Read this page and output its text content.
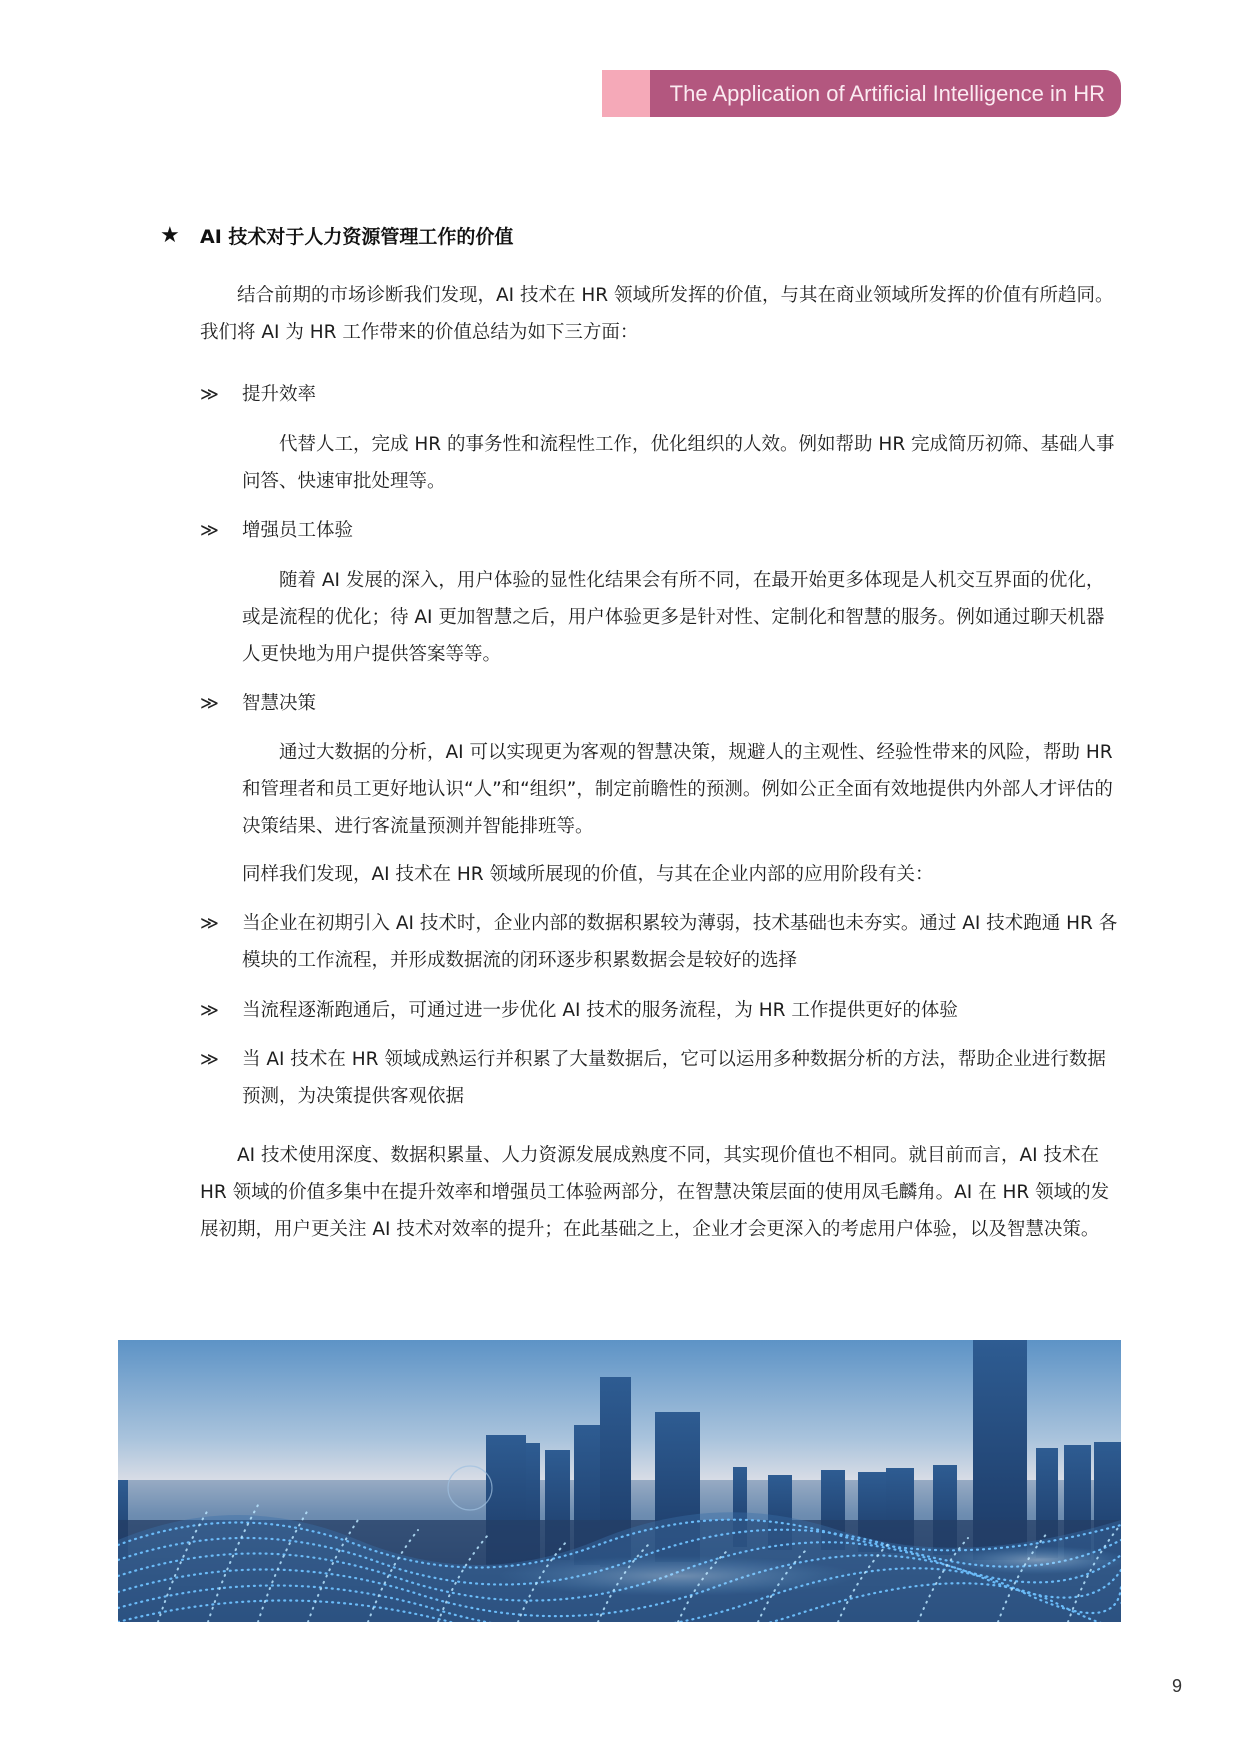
The Application of Artificial Intelligence in HR
★	AI 技术对于人力资源管理工作的价值

结合前期的市场诊断我们发现，AI 技术在 HR 领域所发挥的价值，与其在商业领域所发挥的价值有所趋同。我们将 AI 为 HR 工作带来的价值总结为如下三方面：

≫	提升效率

代替人工，完成 HR 的事务性和流程性工作，优化组织的人效。例如帮助 HR 完成简历初筛、基础人事问答、快速审批处理等。

≫	增强员工体验

随着 AI 发展的深入，用户体验的显性化结果会有所不同，在最开始更多体现是人机交互界面的优化，或是流程的优化；待 AI 更加智慧之后，用户体验更多是针对性、定制化和智慧的服务。例如通过聊天机器人更快地为用户提供答案等等。

≫	智慧决策

通过大数据的分析，AI 可以实现更为客观的智慧决策，规避人的主观性、经验性带来的风险，帮助 HR 和管理者和员工更好地认识“人”和“组织”，制定前瞻性的预测。例如公正全面有效地提供内外部人才评估的决策结果、进行客流量预测并智能排班等。

同样我们发现，AI 技术在 HR 领域所展现的价值，与其在企业内部的应用阶段有关：

≫	当企业在初期引入 AI 技术时，企业内部的数据积累较为薄弱，技术基础也未夯实。通过 AI 技术跑通 HR 各模块的工作流程，并形成数据流的闭环逐步积累数据会是较好的选择
≫	当流程逐渐跑通后，可通过进一步优化 AI 技术的服务流程，为 HR 工作提供更好的体验
≫	当 AI 技术在 HR 领域成熟运行并积累了大量数据后，它可以运用多种数据分析的方法，帮助企业进行数据预测，为决策提供客观依据

AI 技术使用深度、数据积累量、人力资源发展成熟度不同，其实现价值也不相同。就目前而言，AI 技术在 HR 领域的价值多集中在提升效率和增强员工体验两部分，在智慧决策层面的使用凤毛麟角。AI 在 HR 领域的发展初期，用户更关注 AI 技术对效率的提升；在此基础之上，企业才会更深入的考虑用户体验，以及智慧决策。

9
